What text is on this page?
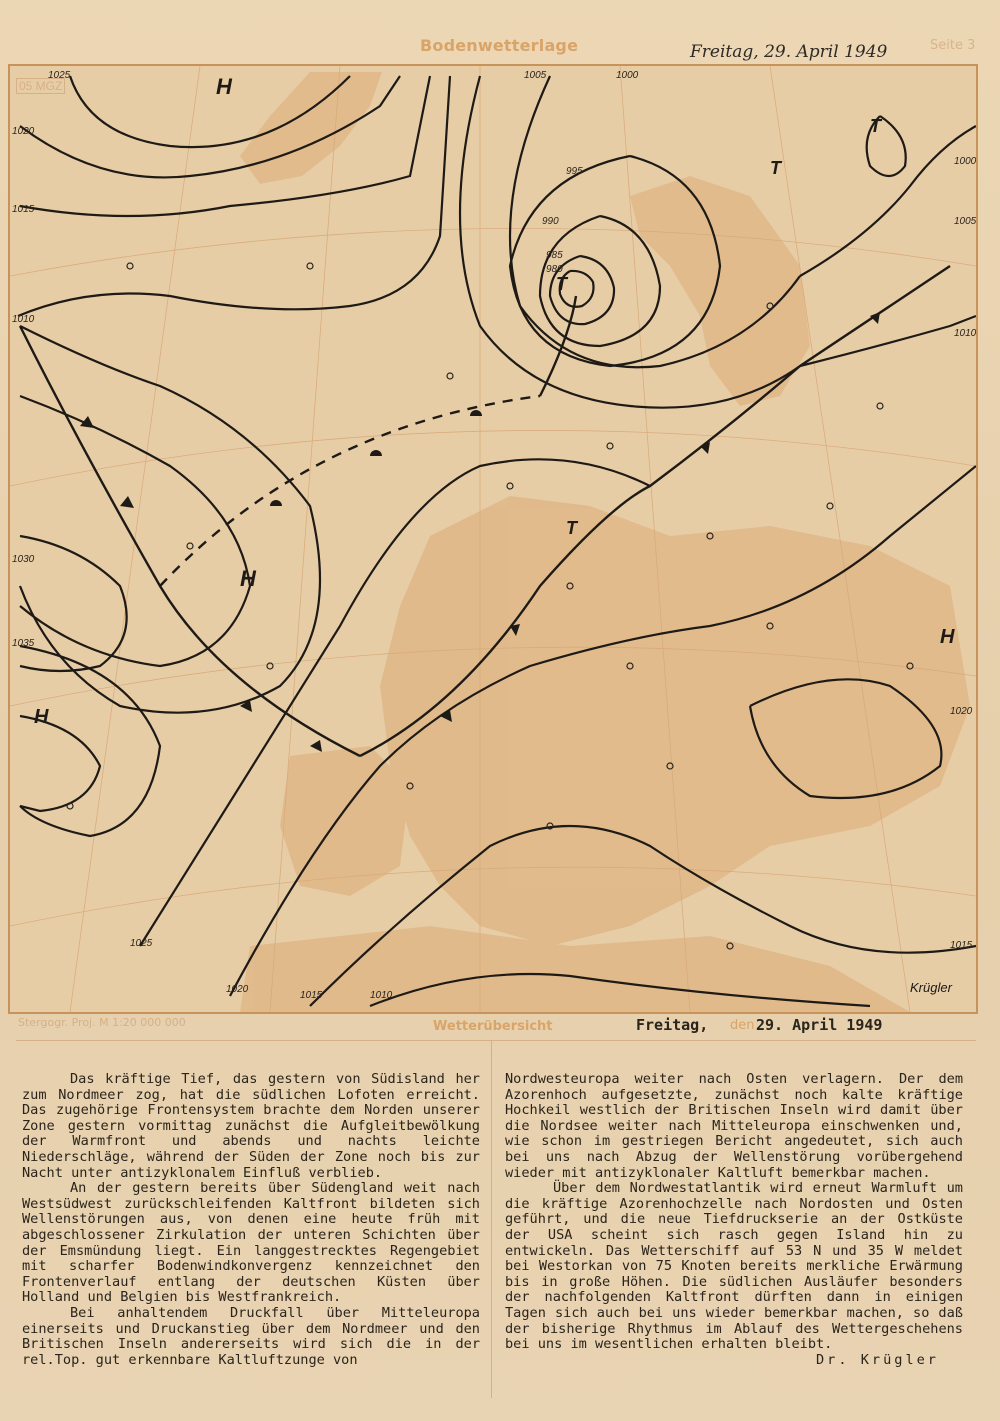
Bodenwetterlage	Freitag, 29. April 1949	Seite 3
05 MGZ	H
H
H
H
T
T
T
T
1025
1020
1015
1010
1005	1000
995
990
985
980
1030
1035
1025
1020
1015	1010
1015
1020
1000
1005
1010
Krügler
Stergogr. Proj. M 1:20 000 000	Wetterübersicht	Freitag, den 29. April 1949

Das kräftige Tief, das gestern von Südisland her zum Nordmeer zog, hat die südlichen Lofoten erreicht. Das zugehörige Frontensystem brachte dem Norden unserer Zone gestern vormittag zunächst die Aufgleitbewölkung der Warmfront und abends und nachts leichte Niederschläge, während der Süden der Zone noch bis zur Nacht unter antizyklonalem Einfluß verblieb.

An der gestern bereits über Südengland weit nach Westsüdwest zurückschleifenden Kaltfront bildeten sich Wellenstörungen aus, von denen eine heute früh mit abgeschlossener Zirkulation der unteren Schichten über der Emsmündung liegt. Ein langgestrecktes Regengebiet mit scharfer Bodenwindkonvergenz kennzeichnet den Frontenverlauf entlang der deutschen Küsten über Holland und Belgien bis Westfrankreich.

Bei anhaltendem Druckfall über Mitteleuropa einerseits und Druckanstieg über dem Nordmeer und den Britischen Inseln andererseits wird sich die in der rel.Top. gut erkennbare Kaltluftzunge von

Nordwesteuropa weiter nach Osten verlagern. Der dem Azorenhoch aufgesetzte, zunächst noch kalte kräftige Hochkeil westlich der Britischen Inseln wird damit über die Nordsee weiter nach Mitteleuropa einschwenken und, wie schon im gestriegen Bericht angedeutet, sich auch bei uns nach Abzug der Wellenstörung vorübergehend wieder mit antizyklonaler Kaltluft bemerkbar machen.

Über dem Nordwestatlantik wird erneut Warmluft um die kräftige Azorenhochzelle nach Nordosten und Osten geführt, und die neue Tiefdruckserie an der Ostküste der USA scheint sich rasch gegen Island hin zu entwickeln. Das Wetterschiff auf 53 N und 35 W meldet bei Westorkan von 75 Knoten bereits merkliche Erwärmung bis in große Höhen. Die südlichen Ausläufer besonders der nachfolgenden Kaltfront dürften dann in einigen Tagen sich auch bei uns wieder bemerkbar machen, so daß der bisherige Rhythmus im Ablauf des Wettergeschehens bei uns im wesentlichen erhalten bleibt.

Dr. Krügler
